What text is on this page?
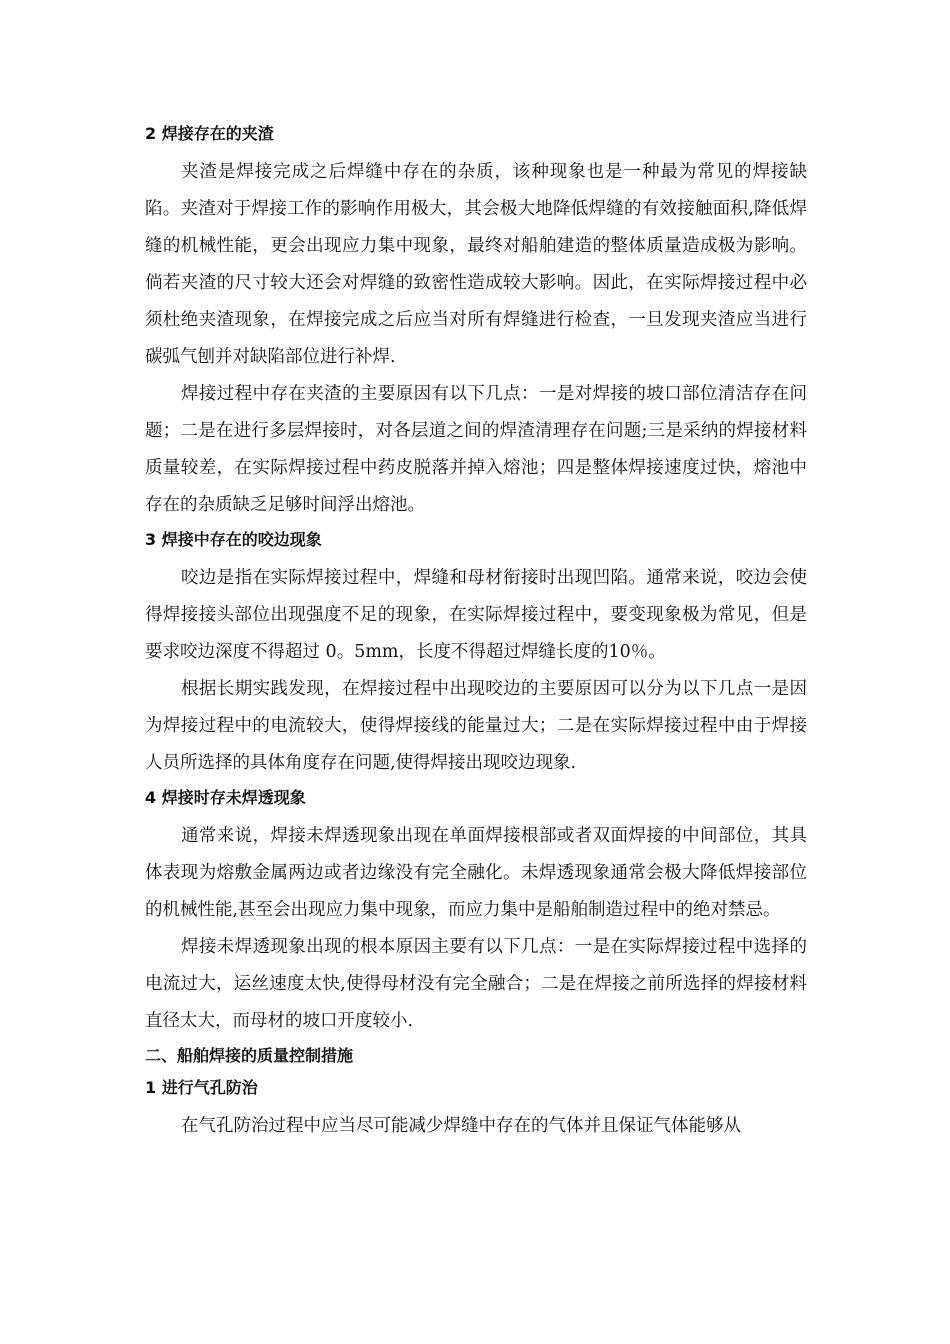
2 焊接存在的夹渣

夹渣是焊接完成之后焊缝中存在的杂质，该种现象也是一种最为常见的焊接缺陷。夹渣对于焊接工作的影响作用极大，其会极大地降低焊缝的有效接触面积,降低焊缝的机械性能，更会出现应力集中现象，最终对船舶建造的整体质量造成极为影响。倘若夹渣的尺寸较大还会对焊缝的致密性造成较大影响。因此，在实际焊接过程中必须杜绝夹渣现象，在焊接完成之后应当对所有焊缝进行检查，一旦发现夹渣应当进行碳弧气刨并对缺陷部位进行补焊.

焊接过程中存在夹渣的主要原因有以下几点：一是对焊接的坡口部位清洁存在问题；二是在进行多层焊接时，对各层道之间的焊渣清理存在问题;三是采纳的焊接材料质量较差，在实际焊接过程中药皮脱落并掉入熔池；四是整体焊接速度过快，熔池中存在的杂质缺乏足够时间浮出熔池。

3 焊接中存在的咬边现象

咬边是指在实际焊接过程中，焊缝和母材衔接时出现凹陷。通常来说，咬边会使得焊接接头部位出现强度不足的现象，在实际焊接过程中，要变现象极为常见，但是要求咬边深度不得超过 0。5mm，长度不得超过焊缝长度的10％。

根据长期实践发现，在焊接过程中出现咬边的主要原因可以分为以下几点一是因为焊接过程中的电流较大，使得焊接线的能量过大；二是在实际焊接过程中由于焊接人员所选择的具体角度存在问题,使得焊接出现咬边现象.

4 焊接时存未焊透现象

通常来说，焊接未焊透现象出现在单面焊接根部或者双面焊接的中间部位，其具体表现为熔敷金属两边或者边缘没有完全融化。未焊透现象通常会极大降低焊接部位的机械性能,甚至会出现应力集中现象，而应力集中是船舶制造过程中的绝对禁忌。

焊接未焊透现象出现的根本原因主要有以下几点：一是在实际焊接过程中选择的电流过大，运丝速度太快,使得母材没有完全融合；二是在焊接之前所选择的焊接材料直径太大，而母材的坡口开度较小.

二、船舶焊接的质量控制措施
1 进行气孔防治

在气孔防治过程中应当尽可能减少焊缝中存在的气体并且保证气体能够从
